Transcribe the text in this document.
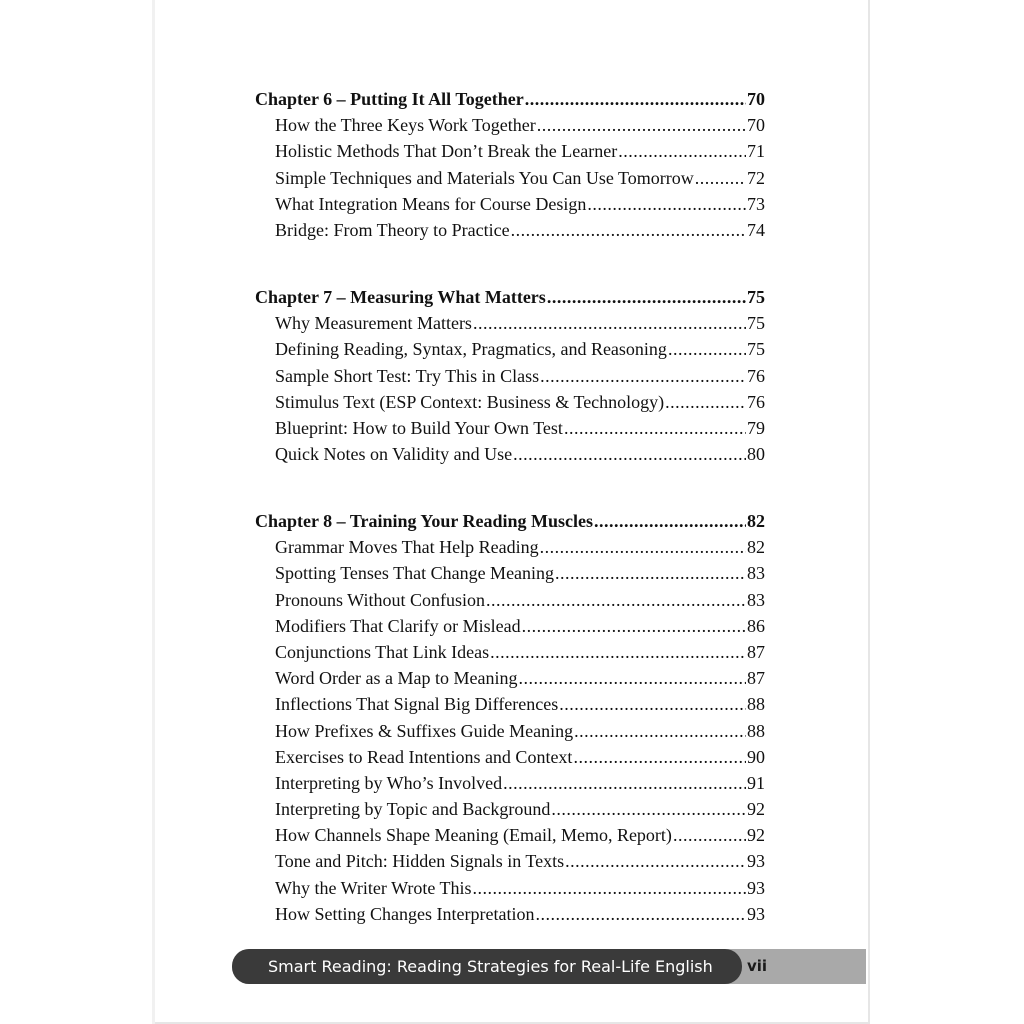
Chapter 6 – Putting It All Together .....	70
How the Three Keys Work Together .....	70
Holistic Methods That Don’t Break the Learner .....	71
Simple Techniques and Materials You Can Use Tomorrow .....	72
What Integration Means for Course Design .....	73
Bridge: From Theory to Practice .....	74
Chapter 7 – Measuring What Matters .....	75
Why Measurement Matters .....	75
Defining Reading, Syntax, Pragmatics, and Reasoning .....	75
Sample Short Test: Try This in Class .....	76
Stimulus Text (ESP Context: Business & Technology) .....	76
Blueprint: How to Build Your Own Test .....	79
Quick Notes on Validity and Use .....	80
Chapter 8 – Training Your Reading Muscles .....	82
Grammar Moves That Help Reading .....	82
Spotting Tenses That Change Meaning .....	83
Pronouns Without Confusion .....	83
Modifiers That Clarify or Mislead .....	86
Conjunctions That Link Ideas .....	87
Word Order as a Map to Meaning .....	87
Inflections That Signal Big Differences .....	88
How Prefixes & Suffixes Guide Meaning .....	88
Exercises to Read Intentions and Context .....	90
Interpreting by Who’s Involved .....	91
Interpreting by Topic and Background .....	92
How Channels Shape Meaning (Email, Memo, Report) .....	92
Tone and Pitch: Hidden Signals in Texts .....	93
Why the Writer Wrote This .....	93
How Setting Changes Interpretation .....	93
Smart Reading: Reading Strategies for Real-Life English	vii
